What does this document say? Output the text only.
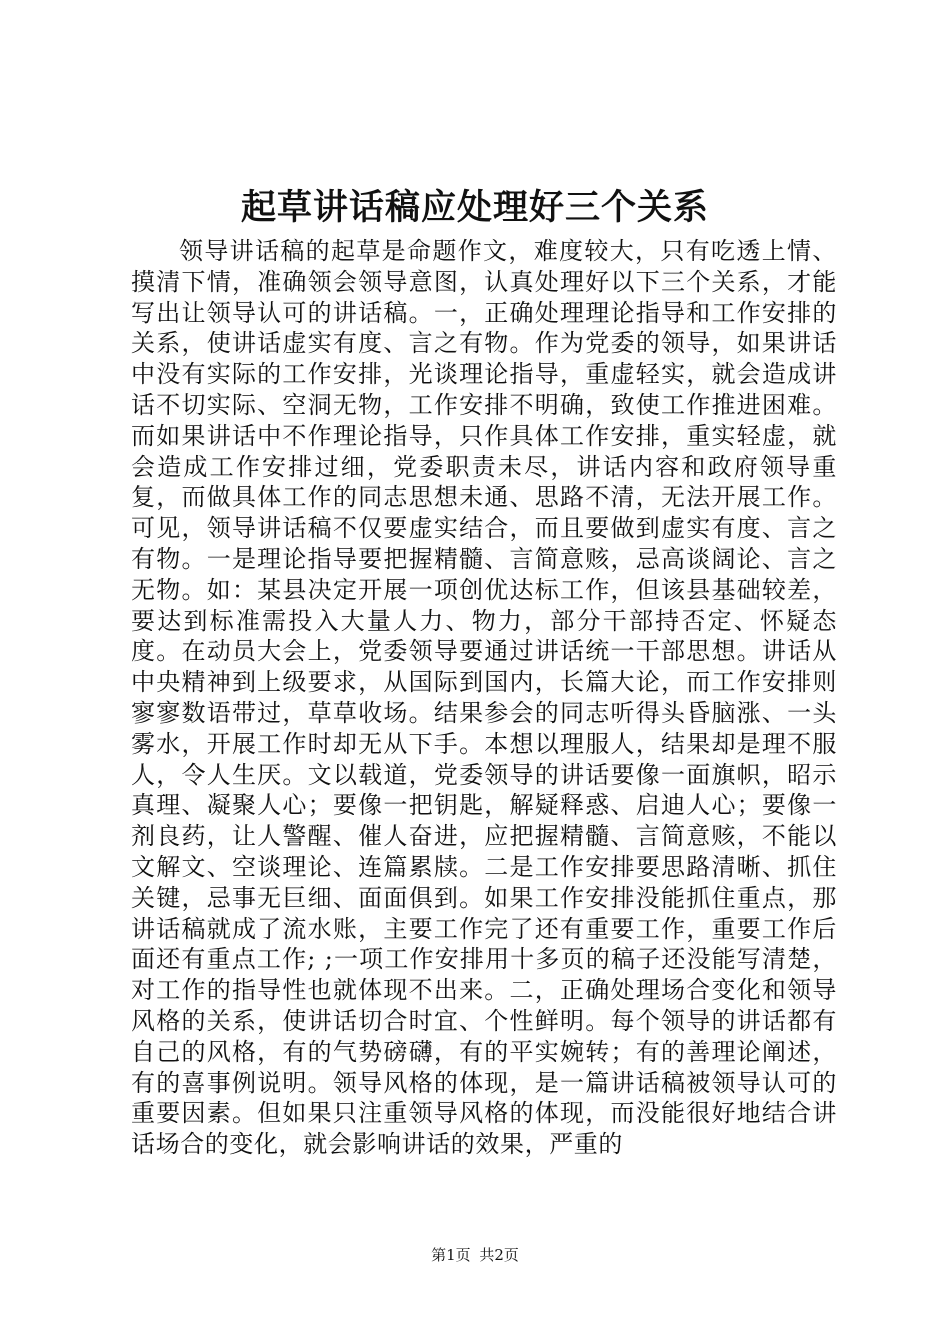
起草讲话稿应处理好三个关系

领导讲话稿的起草是命题作文，难度较大，只有吃透上情、摸清下情，准确领会领导意图，认真处理好以下三个关系，才能写出让领导认可的讲话稿。一，正确处理理论指导和工作安排的关系，使讲话虚实有度、言之有物。作为党委的领导，如果讲话中没有实际的工作安排，光谈理论指导，重虚轻实，就会造成讲话不切实际、空洞无物，工作安排不明确，致使工作推进困难。而如果讲话中不作理论指导，只作具体工作安排，重实轻虚，就会造成工作安排过细，党委职责未尽，讲话内容和政府领导重复，而做具体工作的同志思想未通、思路不清，无法开展工作。可见，领导讲话稿不仅要虚实结合，而且要做到虚实有度、言之有物。一是理论指导要把握精髓、言简意赅，忌高谈阔论、言之无物。如：某县决定开展一项创优达标工作，但该县基础较差，要达到标准需投入大量人力、物力，部分干部持否定、怀疑态度。在动员大会上，党委领导要通过讲话统一干部思想。讲话从中央精神到上级要求，从国际到国内，长篇大论，而工作安排则寥寥数语带过，草草收场。结果参会的同志听得头昏脑涨、一头雾水，开展工作时却无从下手。本想以理服人，结果却是理不服人，令人生厌。文以载道，党委领导的讲话要像一面旗帜，昭示真理、凝聚人心；要像一把钥匙，解疑释惑、启迪人心；要像一剂良药，让人警醒、催人奋进，应把握精髓、言简意赅，不能以文解文、空谈理论、连篇累牍。二是工作安排要思路清晰、抓住关键，忌事无巨细、面面俱到。如果工作安排没能抓住重点，那讲话稿就成了流水账，主要工作完了还有重要工作，重要工作后面还有重点工作; ;一项工作安排用十多页的稿子还没能写清楚，对工作的指导性也就体现不出来。二，正确处理场合变化和领导风格的关系，使讲话切合时宜、个性鲜明。每个领导的讲话都有自己的风格，有的气势磅礴，有的平实婉转；有的善理论阐述，有的喜事例说明。领导风格的体现，是一篇讲话稿被领导认可的重要因素。但如果只注重领导风格的体现，而没能很好地结合讲话场合的变化，就会影响讲话的效果，严重的

第1页 共2页
